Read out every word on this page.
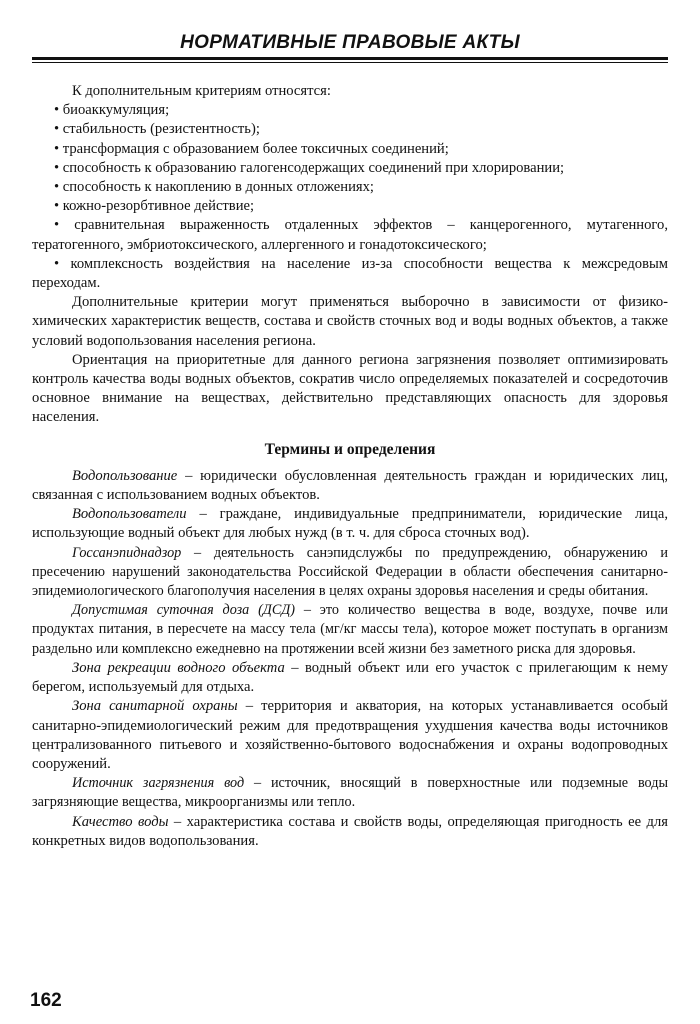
НОРМАТИВНЫЕ ПРАВОВЫЕ АКТЫ

К дополнительным критериям относятся:

• биоаккумуляция;

• стабильность (резистентность);

• трансформация с образованием более токсичных соединений;

• способность к образованию галогенсодержащих соединений при хлорировании;

• способность к накоплению в донных отложениях;

• кожно-резорбтивное действие;

• сравнительная выраженность отдаленных эффектов – канцерогенного, мутагенного, тератогенного, эмбриотоксического, аллергенного и гонадотоксического;

• комплексность воздействия на население из-за способности вещества к межсредовым переходам.

Дополнительные критерии могут применяться выборочно в зависимости от физико-химических характеристик веществ, состава и свойств сточных вод и воды водных объектов, а также условий водопользования населения региона.

Ориентация на приоритетные для данного региона загрязнения позволяет оптимизировать контроль качества воды водных объектов, сократив число определяемых показателей и сосредоточив основное внимание на веществах, действительно представляющих опасность для здоровья населения.

Термины и определения

Водопользование – юридически обусловленная деятельность граждан и юридических лиц, связанная с использованием водных объектов.

Водопользователи – граждане, индивидуальные предприниматели, юридические лица, использующие водный объект для любых нужд (в т. ч. для сброса сточных вод).

Госсанэпиднадзор – деятельность санэпидслужбы по предупреждению, обнаружению и пресечению нарушений законодательства Российской Федерации в области обеспечения санитарно-эпидемиологического благополучия населения в целях охраны здоровья населения и среды обитания.

Допустимая суточная доза (ДСД) – это количество вещества в воде, воздухе, почве или продуктах питания, в пересчете на массу тела (мг/кг массы тела), которое может поступать в организм раздельно или комплексно ежедневно на протяжении всей жизни без заметного риска для здоровья.

Зона рекреации водного объекта – водный объект или его участок с прилегающим к нему берегом, используемый для отдыха.

Зона санитарной охраны – территория и акватория, на которых устанавливается особый санитарно-эпидемиологический режим для предотвращения ухудшения качества воды источников централизованного питьевого и хозяйственно-бытового водоснабжения и охраны водопроводных сооружений.

Источник загрязнения вод – источник, вносящий в поверхностные или подземные воды загрязняющие вещества, микроорганизмы или тепло.

Качество воды – характеристика состава и свойств воды, определяющая пригодность ее для конкретных видов водопользования.

162
